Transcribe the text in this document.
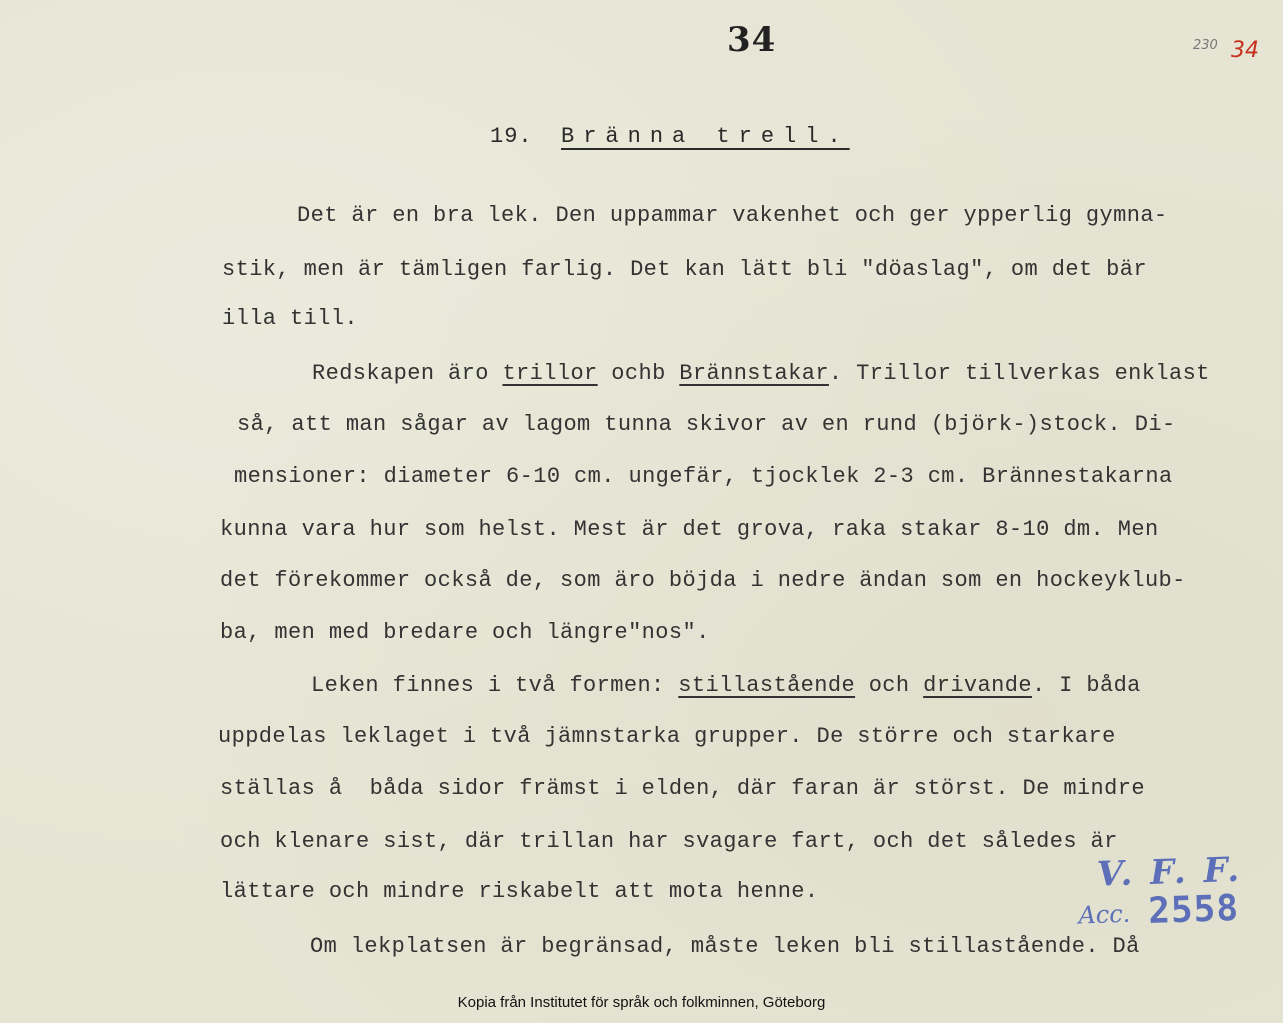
34	230 34
19. Bränna trell.
Det är en bra lek. Den uppammar vakenhet och ger ypperlig gymna-
stik, men är tämligen farlig. Det kan lätt bli "döaslag", om det bär
illa till.
Redskapen äro trillor ochb Brännstakar. Trillor tillverkas enklast
så, att man sågar av lagom tunna skivor av en rund (björk-)stock. Di-
mensioner: diameter 6-10 cm. ungefär, tjocklek 2-3 cm. Brännestakarna
kunna vara hur som helst. Mest är det grova, raka stakar 8-10 dm. Men
det förekommer också de, som äro böjda i nedre ändan som en hockeyklub-
ba, men med bredare och längre"nos".
Leken finnes i två formen: stillastående och drivande. I båda
uppdelas leklaget i två jämnstarka grupper. De större och starkare
ställas å  båda sidor främst i elden, där faran är störst. De mindre
och klenare sist, där trillan har svagare fart, och det således är
lättare och mindre riskabelt att mota henne.
Om lekplatsen är begränsad, måste leken bli stillastående. Då
V. F. F.
Acc. 2558
Kopia från Institutet för språk och folkminnen, Göteborg
